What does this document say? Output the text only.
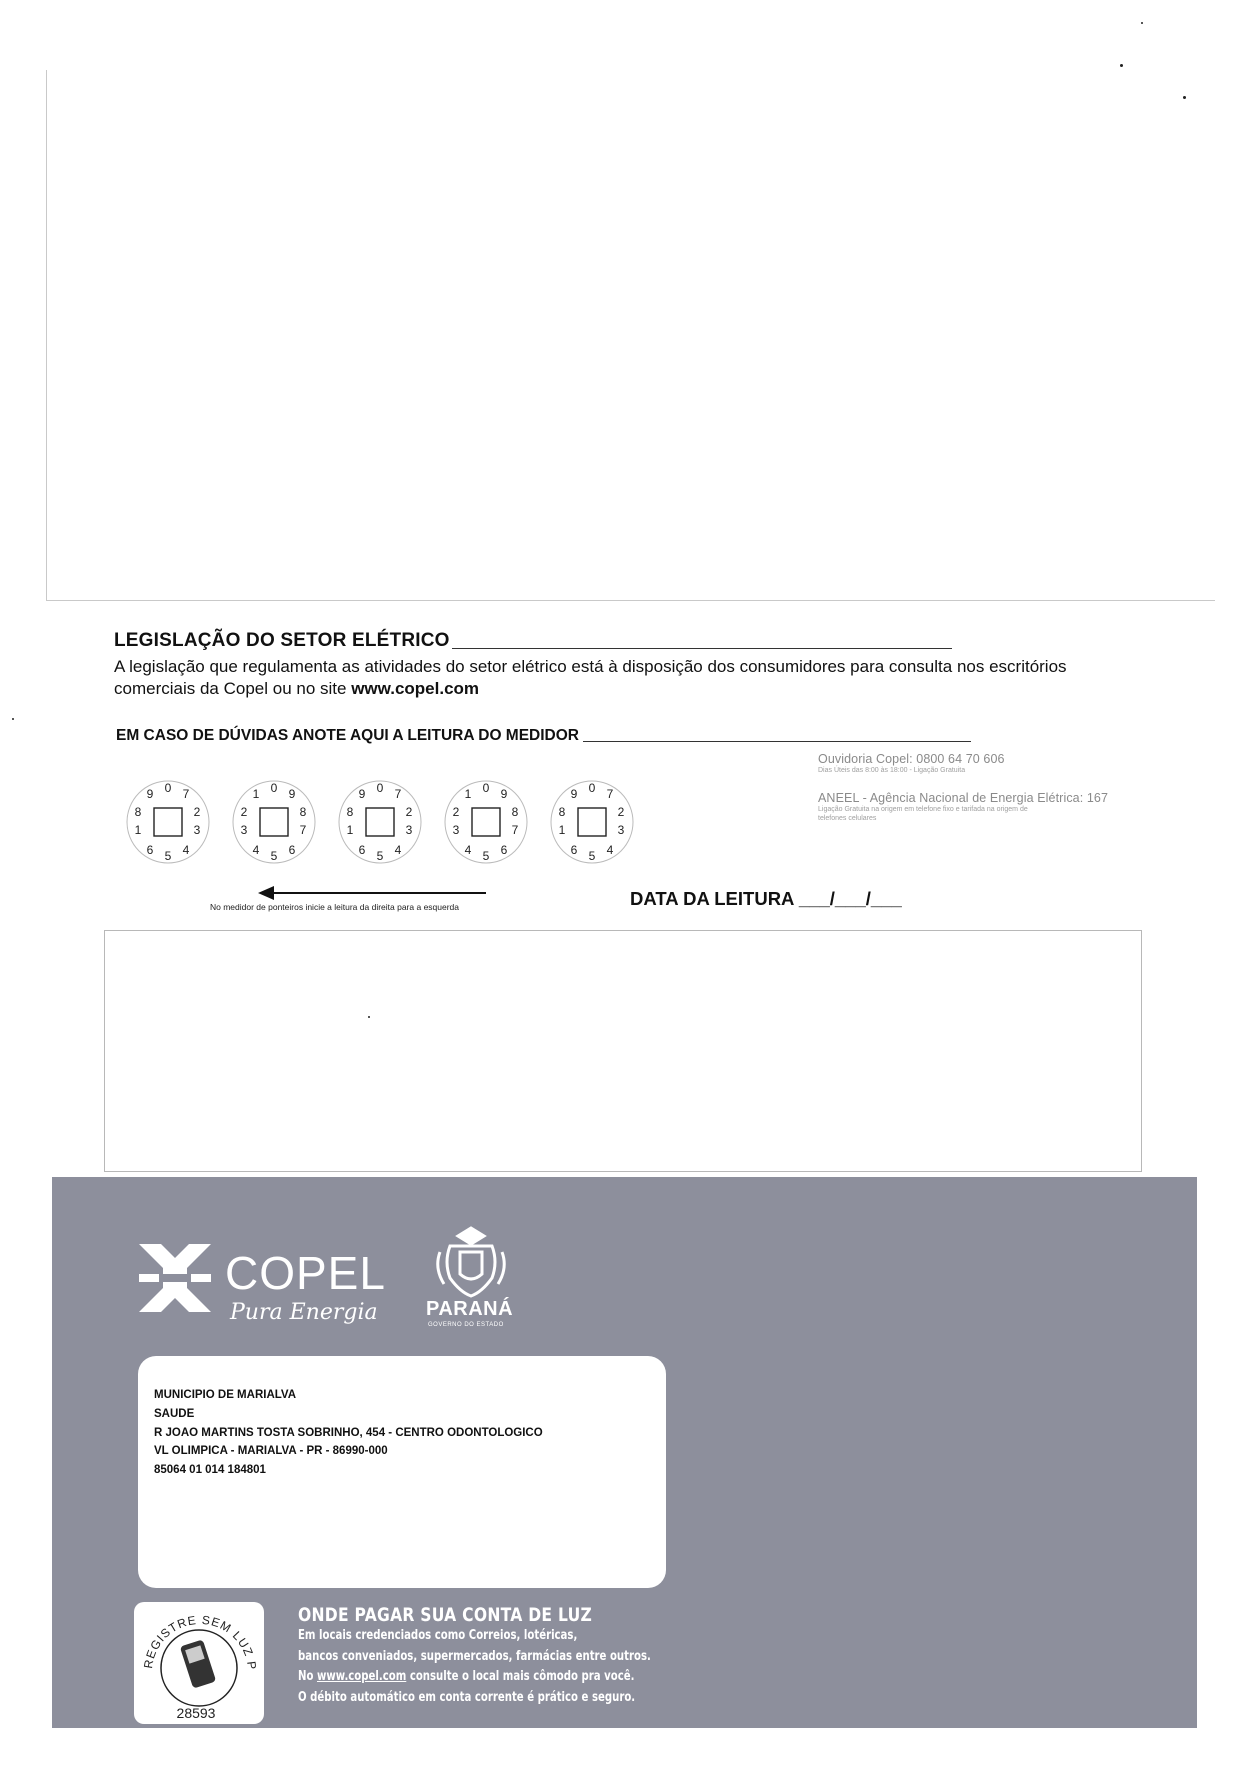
LEGISLAÇÃO DO SETOR ELÉTRICO

A legislação que regulamenta as atividades do setor elétrico está à disposição dos consumidores para consulta nos escritórios comerciais da Copel ou no site www.copel.com

EM CASO DE DÚVIDAS ANOTE AQUI A LEITURA DO MEDIDOR
0 7
2
3
4
5
6
1
8
9	0
1
2
3
4 5 6
7
8
9	0 7
2
3
4
5
6
1
8
9	0
1
2
3
4 5 6
7
8
9	0 7
2
3
4
5
6
1
8
9
No medidor de ponteiros inicie a leitura da direita para a esquerda
Ouvidoria Copel: 0800 64 70 606
Dias Úteis das 8:00 às 18:00 - Ligação Gratuita
ANEEL - Agência Nacional de Energia Elétrica: 167
Ligação Gratuita na origem em telefone fixo e tarifada na origem de
telefones celulares
DATA DA LEITURA ___/___/___
COPEL
Pura Energia PARANÁ
GOVERNO DO ESTADO
MUNICIPIO DE MARIALVA
SAUDE
R JOAO MARTINS TOSTA SOBRINHO, 454 - CENTRO ODONTOLOGICO
VL OLIMPICA - MARIALVA - PR - 86990-000
85064 01 014 184801
REGISTRE SEM LUZ P
28593
ONDE PAGAR SUA CONTA DE LUZ
Em locais credenciados como Correios, lotéricas,
bancos conveniados, supermercados, farmácias entre outros.
No www.copel.com consulte o local mais cômodo pra você.
O débito automático em conta corrente é prático e seguro.
